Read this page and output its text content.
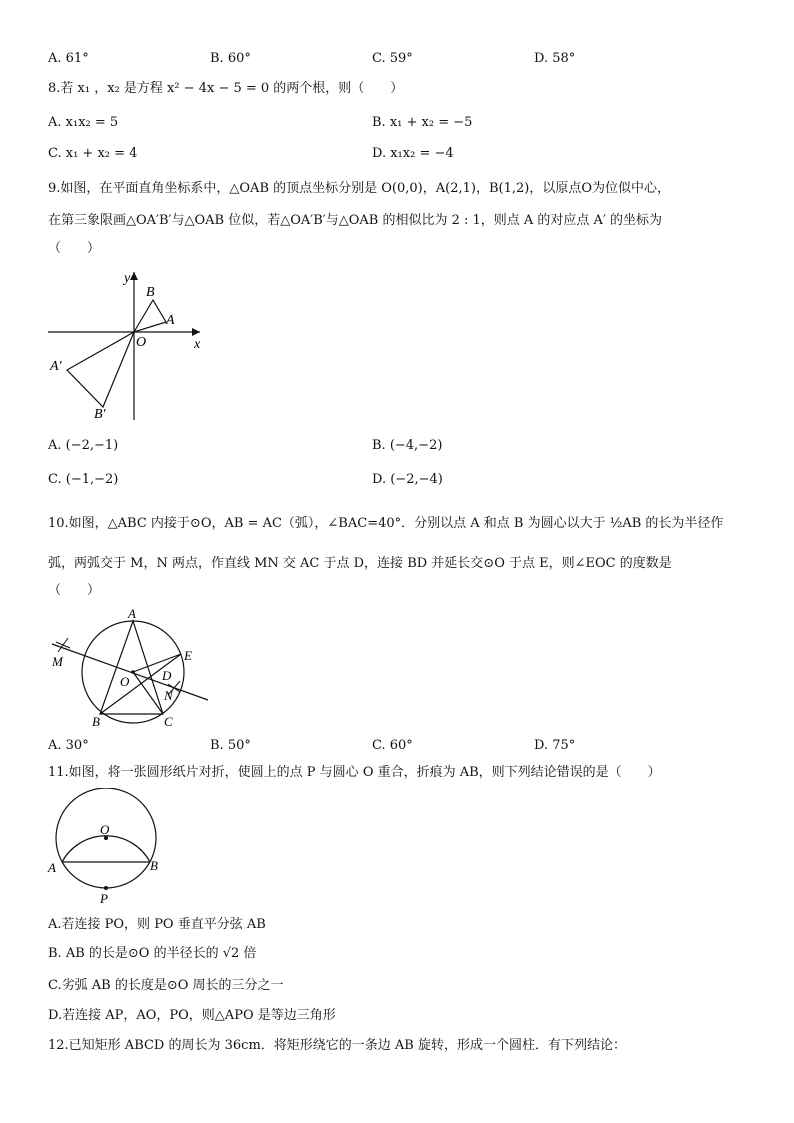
A. 61°	B. 60°	C. 59°	D. 58°
8.若 x₁ ，x₂ 是方程 x² − 4x − 5 = 0 的两个根，则（　　）
A. x₁x₂ = 5	B. x₁ + x₂ = −5
C. x₁ + x₂ = 4	D. x₁x₂ = −4
9.如图，在平面直角坐标系中，△OAB 的顶点坐标分别是 O(0,0)，A(2,1)，B(1,2)，以原点O为位似中心，
在第三象限画△OA′B′与△OAB 位似，若△OA′B′与△OAB 的相似比为 2 : 1，则点 A 的对应点 A′ 的坐标为
（　　）
y
x
O
A
B
A′
B′
A. (−2,−1)	B. (−4,−2)
C. (−1,−2)	D. (−2,−4)
10.如图，△ABC 内接于⊙O，AB = AC（弧），∠BAC=40°．分别以点 A 和点 B 为圆心以大于 ½AB 的长为半径作
弧，两弧交于 M，N 两点，作直线 MN 交 AC 于点 D，连接 BD 并延长交⊙O 于点 E，则∠EOC 的度数是
（　　）
A
B	C
D
E
M
N
O
A. 30°	B. 50°	C. 60°	D. 75°
11.如图，将一张圆形纸片对折，使圆上的点 P 与圆心 O 重合，折痕为 AB，则下列结论错误的是（　　）
O
A	B
P
A.若连接 PO，则 PO 垂直平分弦 AB
B. AB 的长是⊙O 的半径长的 √2 倍
C.劣弧 AB 的长度是⊙O 周长的三分之一
D.若连接 AP，AO，PO，则△APO 是等边三角形
12.已知矩形 ABCD 的周长为 36cm．将矩形绕它的一条边 AB 旋转，形成一个圆柱．有下列结论：
